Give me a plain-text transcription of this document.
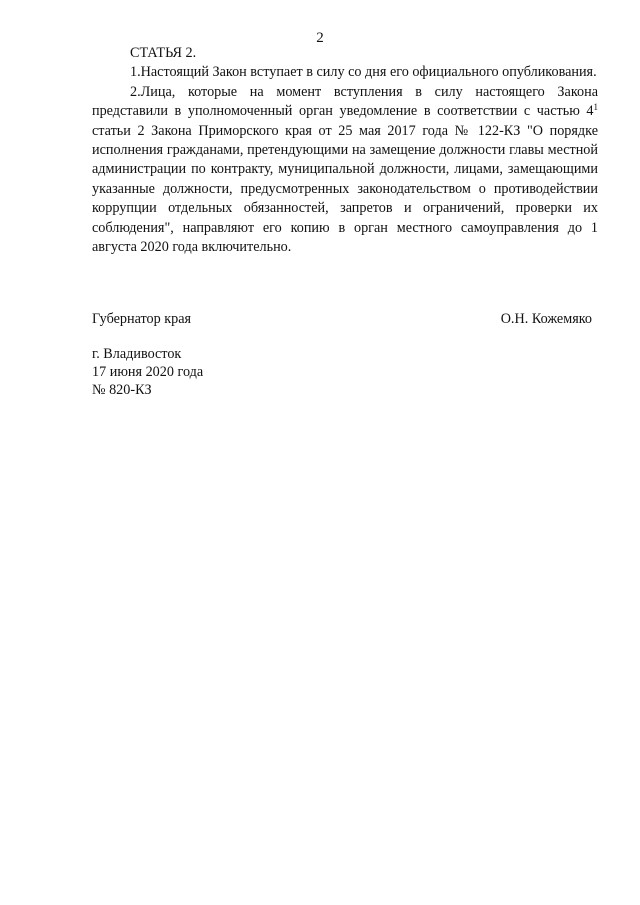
2

СТАТЬЯ 2.

1.Настоящий Закон вступает в силу со дня его официального опубликования.

2.Лица, которые на момент вступления в силу настоящего Закона представили в уполномоченный орган уведомление в соответствии с частью $4^1$ статьи 2 Закона Приморского края от 25 мая 2017 года № 122-КЗ "О порядке исполнения гражданами, претендующими на замещение должности главы местной администрации по контракту, муниципальной должности, лицами, замещающими указанные должности, предусмотренных законодательством о противодействии коррупции отдельных обязанностей, запретов и ограничений, проверки их соблюдения", направляют его копию в орган местного самоуправления до 1 августа 2020 года включительно.

Губернатор края	О.Н. Кожемяко
г. Владивосток
17 июня 2020 года
№ 820-КЗ
